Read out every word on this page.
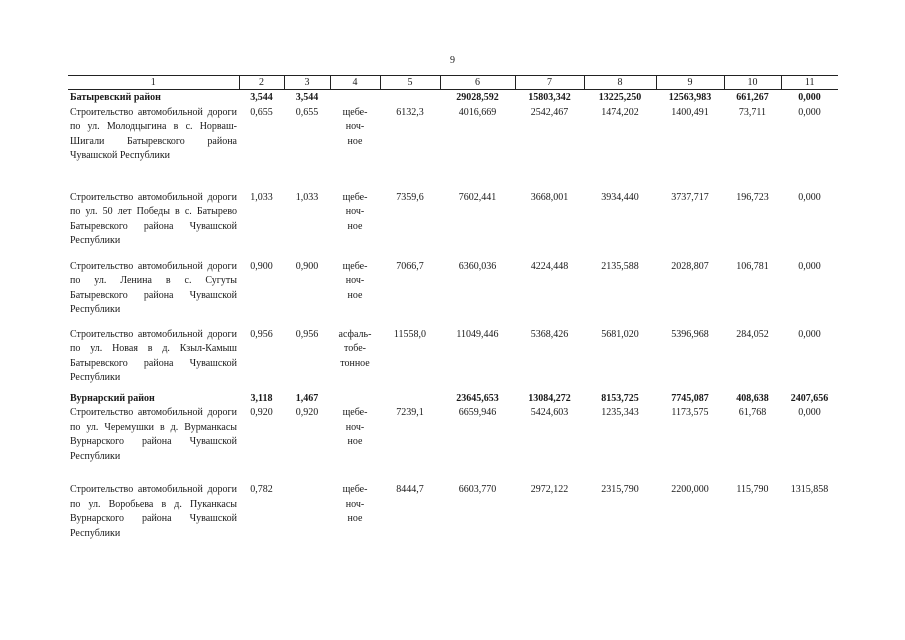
9
1	2	3	4	5	6	7	8	9	10	11
Батыревский район	3,544	3,544			29028,592	15803,342	13225,250	12563,983	661,267	0,000
Строительство автомобильной дороги по ул. Молодцыгина в с. Норваш-Шигали Батыревского района Чувашской Республики	0,655	0,655	щебе-
ноч-
ное	6132,3	4016,669	2542,467	1474,202	1400,491	73,711	0,000
Строительство автомобильной дороги по ул. 50 лет Победы в с. Батырево Батыревского района Чувашской Республики	1,033	1,033	щебе-
ноч-
ное	7359,6	7602,441	3668,001	3934,440	3737,717	196,723	0,000
Строительство автомобильной дороги по ул. Ленина в с. Сугуты Батыревского района Чувашской Республики	0,900	0,900	щебе-
ноч-
ное	7066,7	6360,036	4224,448	2135,588	2028,807	106,781	0,000
Строительство автомобильной дороги по ул. Новая в д. Кзыл-Камыш Батыревского района Чувашской Республики	0,956	0,956	асфаль-
тобе-
тонное	11558,0	11049,446	5368,426	5681,020	5396,968	284,052	0,000
Вурнарский район	3,118	1,467			23645,653	13084,272	8153,725	7745,087	408,638	2407,656
Строительство автомобильной дороги по ул. Черемушки в д. Вурманкасы Вурнарского района Чувашской Республики	0,920	0,920	щебе-
ноч-
ное	7239,1	6659,946	5424,603	1235,343	1173,575	61,768	0,000
Строительство автомобильной дороги по ул. Воробьева в д. Пуканкасы Вурнарского района Чувашской Республики	0,782		щебе-
ноч-
ное	8444,7	6603,770	2972,122	2315,790	2200,000	115,790	1315,858
